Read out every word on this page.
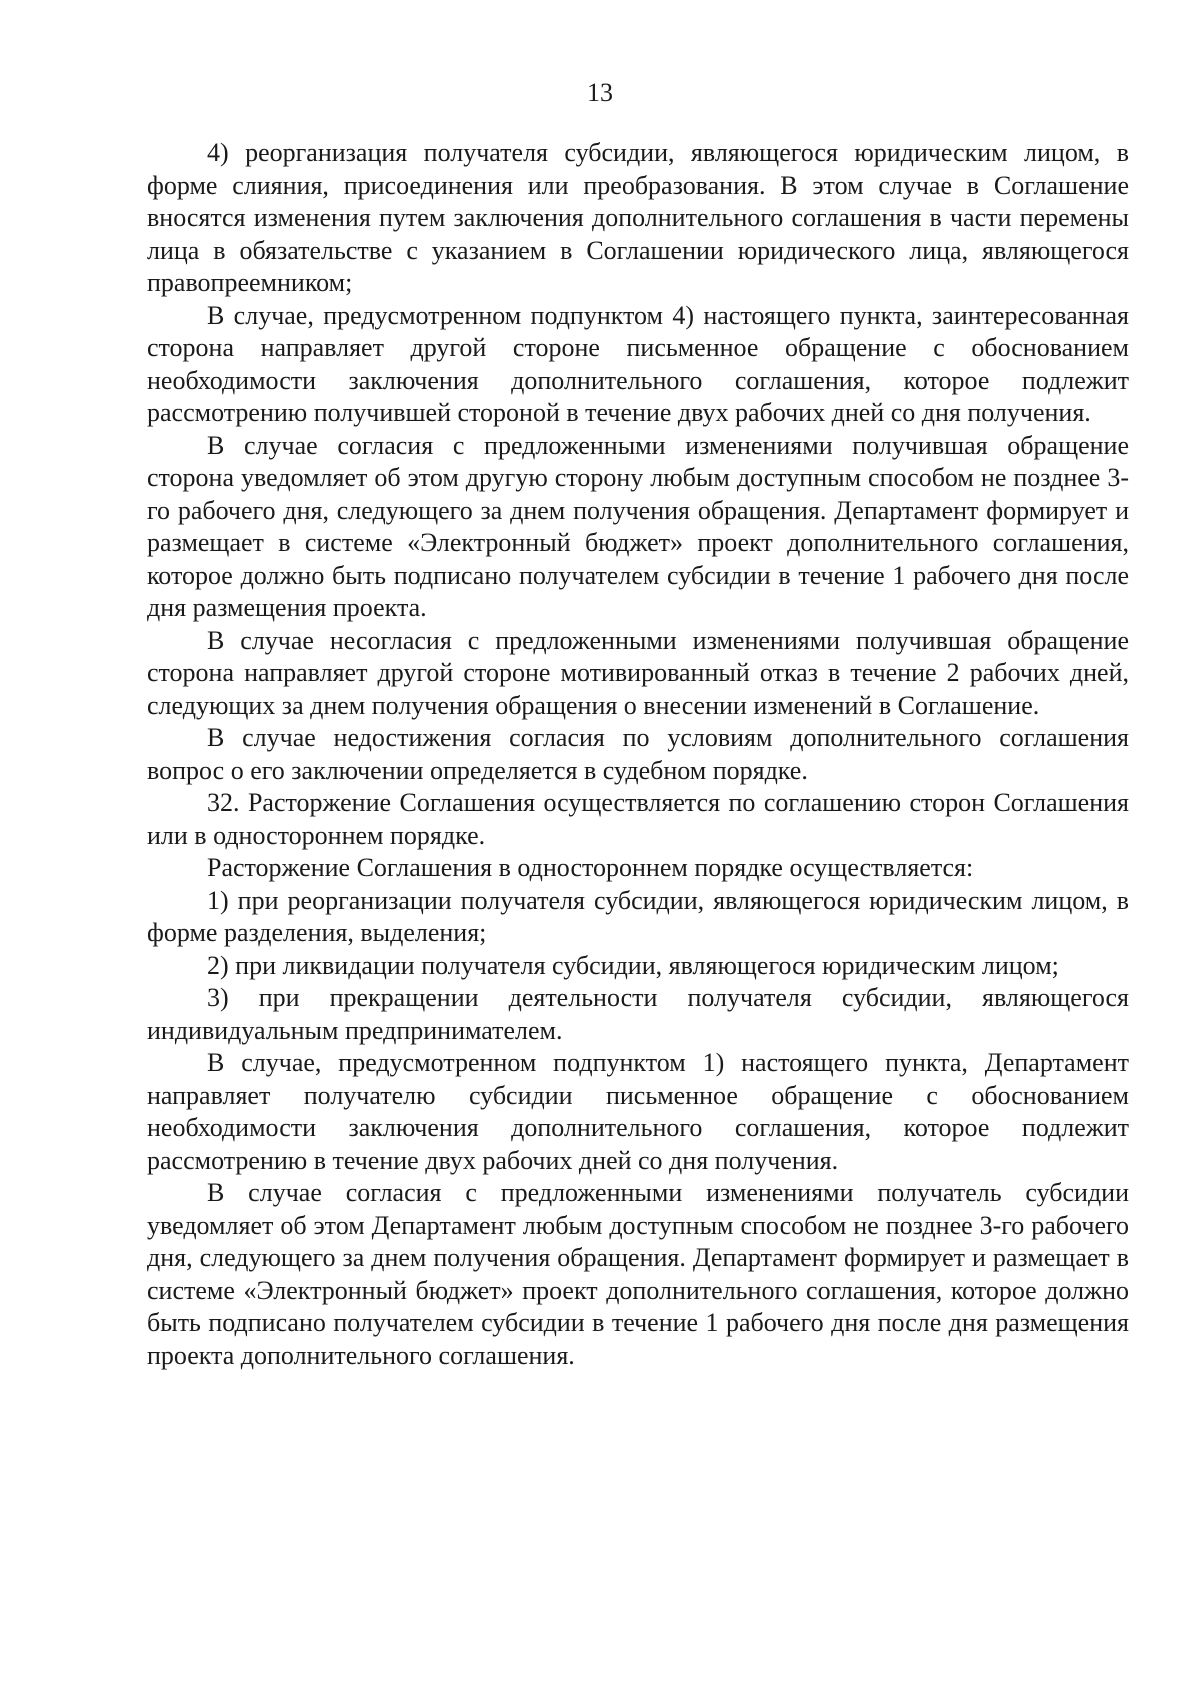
13

4) реорганизация получателя субсидии, являющегося юридическим лицом, в форме слияния, присоединения или преобразования. В этом случае в Соглашение вносятся изменения путем заключения дополнительного соглашения в части перемены лица в обязательстве с указанием в Соглашении юридического лица, являющегося правопреемником;

В случае, предусмотренном подпунктом 4) настоящего пункта, заинтересованная сторона направляет другой стороне письменное обращение с обоснованием необходимости заключения дополнительного соглашения, которое подлежит рассмотрению получившей стороной в течение двух рабочих дней со дня получения.

В случае согласия с предложенными изменениями получившая обращение сторона уведомляет об этом другую сторону любым доступным способом не позднее 3-го рабочего дня, следующего за днем получения обращения. Департамент формирует и размещает в системе «Электронный бюджет» проект дополнительного соглашения, которое должно быть подписано получателем субсидии в течение 1 рабочего дня после дня размещения проекта.

В случае несогласия с предложенными изменениями получившая обращение сторона направляет другой стороне мотивированный отказ в течение 2 рабочих дней, следующих за днем получения обращения о внесении изменений в Соглашение.

В случае недостижения согласия по условиям дополнительного соглашения вопрос о его заключении определяется в судебном порядке.

32. Расторжение Соглашения осуществляется по соглашению сторон Соглашения или в одностороннем порядке.

Расторжение Соглашения в одностороннем порядке осуществляется:

1) при реорганизации получателя субсидии, являющегося юридическим лицом, в форме разделения, выделения;

2) при ликвидации получателя субсидии, являющегося юридическим лицом;

3) при прекращении деятельности получателя субсидии, являющегося индивидуальным предпринимателем.

В случае, предусмотренном подпунктом 1) настоящего пункта, Департамент направляет получателю субсидии письменное обращение с обоснованием необходимости заключения дополнительного соглашения, которое подлежит рассмотрению в течение двух рабочих дней со дня получения.

В случае согласия с предложенными изменениями получатель субсидии уведомляет об этом Департамент любым доступным способом не позднее 3-го рабочего дня, следующего за днем получения обращения. Департамент формирует и размещает в системе «Электронный бюджет» проект дополнительного соглашения, которое должно быть подписано получателем субсидии в течение 1 рабочего дня после дня размещения проекта дополнительного соглашения.
